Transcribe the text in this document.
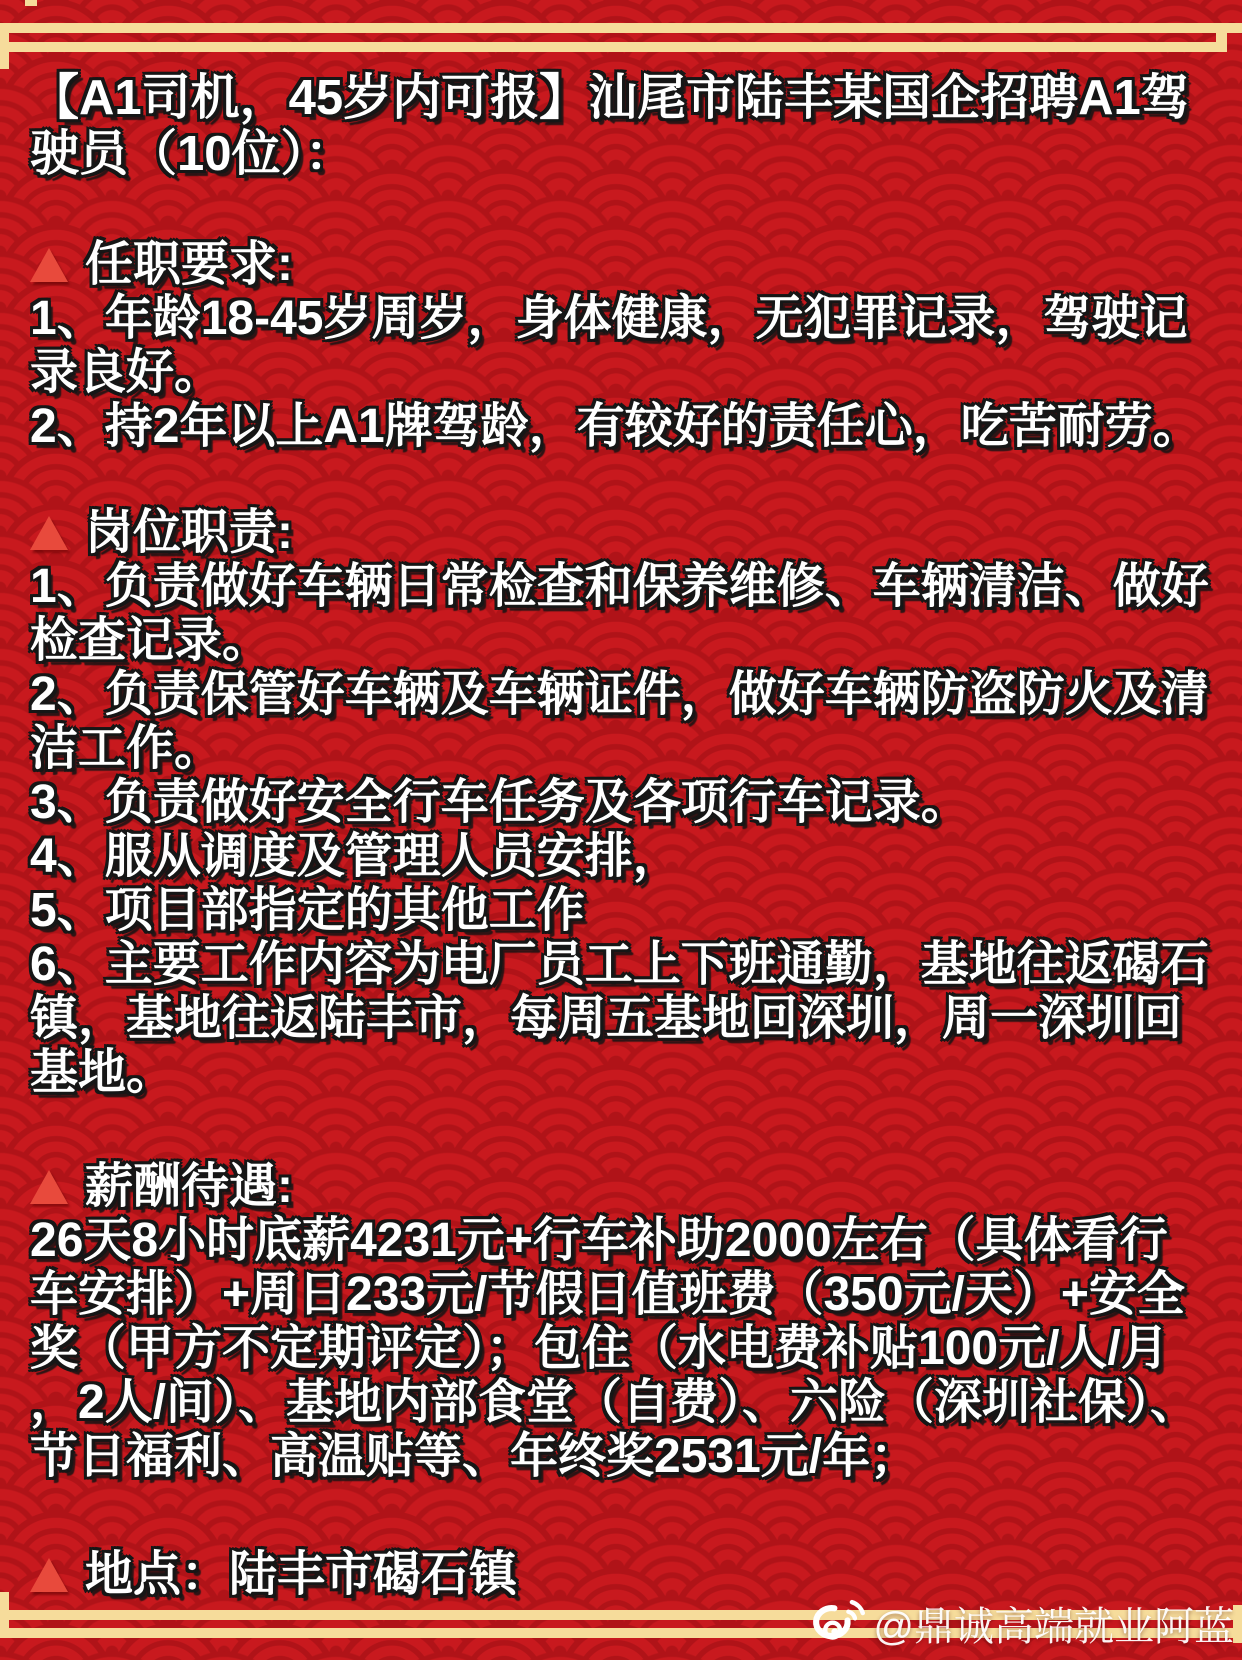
【A1司机，45岁内可报】汕尾市陆丰某国企招聘A1驾驶员（10位）：
任职要求:

1、年龄18-45岁周岁，身体健康，无犯罪记录，驾驶记录良好。

2、持2年以上A1牌驾龄，有较好的责任心，吃苦耐劳。

岗位职责:

1、负责做好车辆日常检查和保养维修、车辆清洁、做好检查记录。

2、负责保管好车辆及车辆证件，做好车辆防盗防火及清洁工作。

3、负责做好安全行车任务及各项行车记录。

4、服从调度及管理人员安排，

5、项目部指定的其他工作

6、主要工作内容为电厂员工上下班通勤，基地往返碣石镇，基地往返陆丰市，每周五基地回深圳，周一深圳回基地。

薪酬待遇:

26天8小时底薪4231元+行车补助2000左右（具体看行车安排）+周日233元/节假日值班费（350元/天）+安全奖（甲方不定期评定）；包住（水电费补贴100元/人/月，2人/间）、基地内部食堂（自费）、六险（深圳社保）、节日福利、高温贴等、年终奖2531元/年；

地点：陆丰市碣石镇
@鼎诚高端就业阿蓝
